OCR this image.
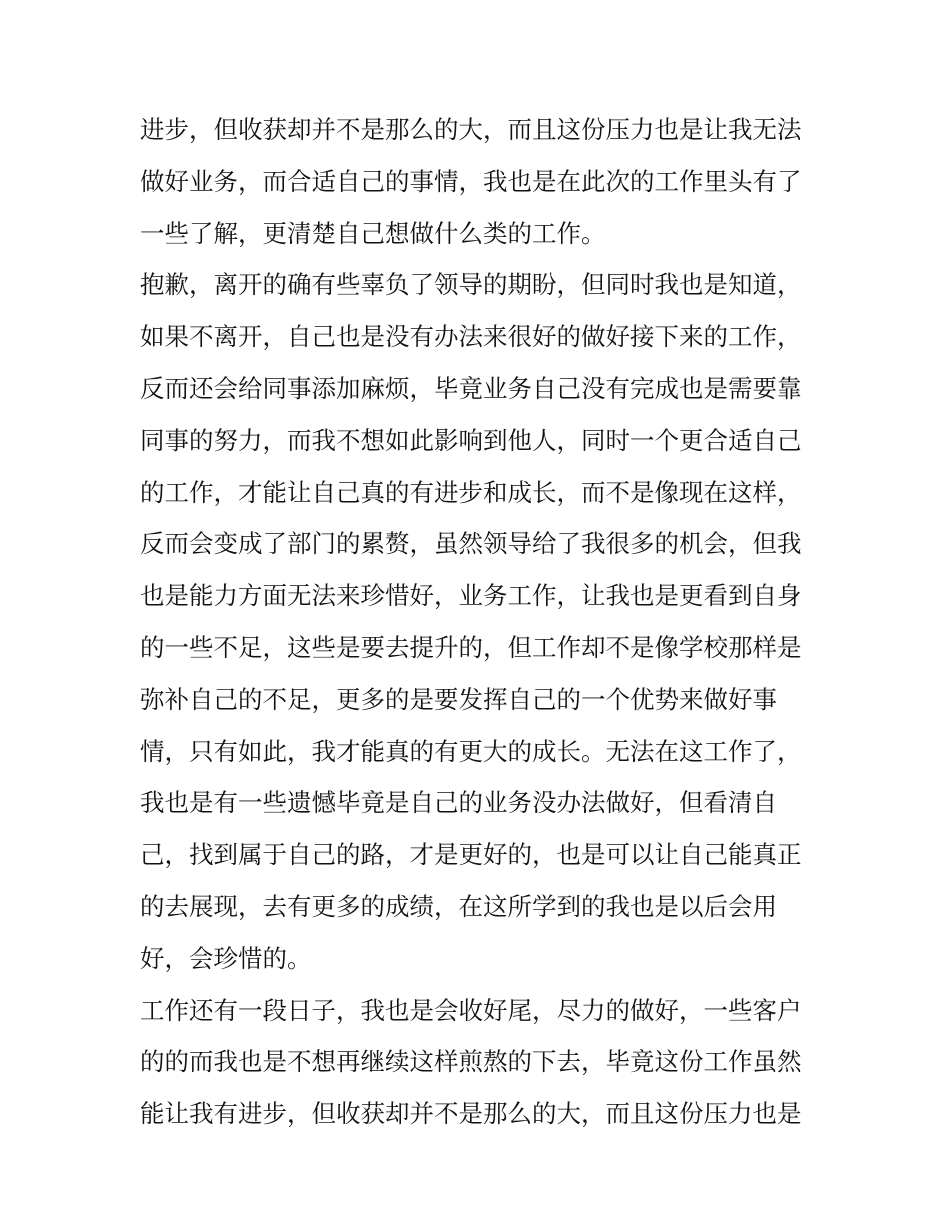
进步，但收获却并不是那么的大，而且这份压力也是让我无法
做好业务，而合适自己的事情，我也是在此次的工作里头有了
一些了解，更清楚自己想做什么类的工作。
抱歉，离开的确有些辜负了领导的期盼，但同时我也是知道，
如果不离开，自己也是没有办法来很好的做好接下来的工作，
反而还会给同事添加麻烦，毕竟业务自己没有完成也是需要靠
同事的努力，而我不想如此影响到他人，同时一个更合适自己
的工作，才能让自己真的有进步和成长，而不是像现在这样，
反而会变成了部门的累赘，虽然领导给了我很多的机会，但我
也是能力方面无法来珍惜好，业务工作，让我也是更看到自身
的一些不足，这些是要去提升的，但工作却不是像学校那样是
弥补自己的不足，更多的是要发挥自己的一个优势来做好事
情，只有如此，我才能真的有更大的成长。无法在这工作了，
我也是有一些遗憾毕竟是自己的业务没办法做好，但看清自
己，找到属于自己的路，才是更好的，也是可以让自己能真正
的去展现，去有更多的成绩，在这所学到的我也是以后会用
好，会珍惜的。
工作还有一段日子，我也是会收好尾，尽力的做好，一些客户
的的而我也是不想再继续这样煎熬的下去，毕竟这份工作虽然
能让我有进步，但收获却并不是那么的大，而且这份压力也是
